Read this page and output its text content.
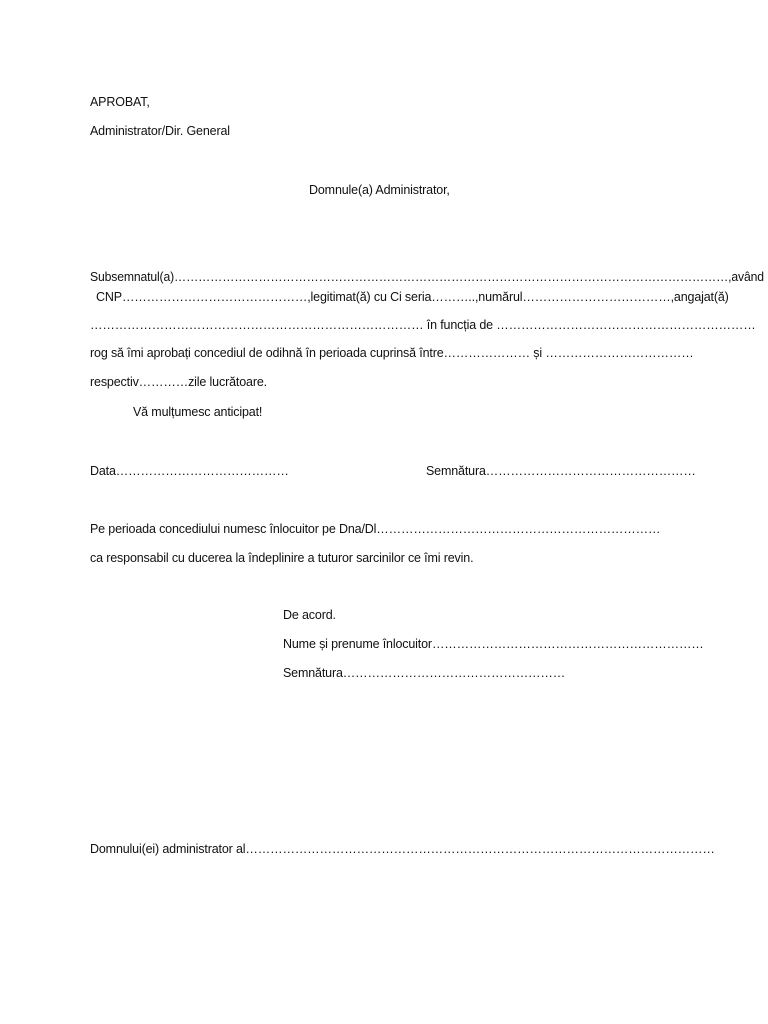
APROBAT,
Administrator/Dir. General
Domnule(a) Administrator,
Subsemnatul(a)…………………………………………………………………………………………………………………………,având
CNP………………………………………,legitimat(ă) cu Ci seria………..,numărul………………………………,angajat(ă)
……………………………………………………………………… în funcția de ………………………………………………………
rog să îmi aprobați concediul de odihnă în perioada cuprinsă între………………… și ………………………………
respectiv…………zile lucrătoare.
Vă mulțumesc anticipat!
Data……………………………………	Semnătura……………………………………………
Pe perioada concediului numesc înlocuitor pe Dna/Dl……………………………………………………………
ca responsabil cu ducerea la îndeplinire a tuturor sarcinilor ce îmi revin.
De acord.
Nume și prenume înlocuitor…………………………………………………………
Semnătura………………………………………………
Domnului(ei) administrator al……………………………………………………………………………………………………
